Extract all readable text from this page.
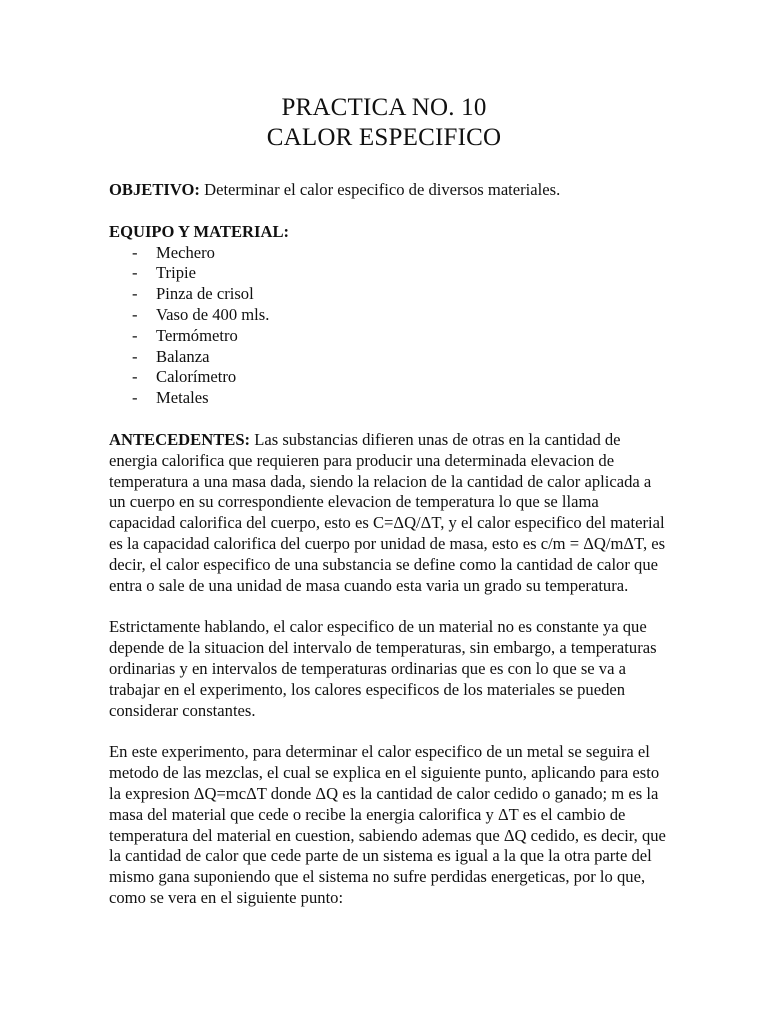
PRACTICA NO. 10
CALOR ESPECIFICO

OBJETIVO: Determinar el calor especifico de diversos materiales.

EQUIPO Y MATERIAL:
- Mechero
- Tripie
- Pinza de crisol
- Vaso de 400 mls.
- Termómetro
- Balanza
- Calorímetro
- Metales

ANTECEDENTES: Las substancias difieren unas de otras en la cantidad de energia calorifica que requieren para producir una determinada elevacion de temperatura a una masa dada, siendo la relacion de la cantidad de calor aplicada a un cuerpo en su correspondiente elevacion de temperatura lo que se llama capacidad calorifica del cuerpo, esto es C=ΔQ/ΔT, y el calor especifico del material es la capacidad calorifica del cuerpo por unidad de masa, esto es c/m = ΔQ/mΔT, es decir, el calor especifico de una substancia se define como la cantidad de calor que entra o sale de una unidad de masa cuando esta varia un grado su temperatura.

Estrictamente hablando, el calor especifico de un material no es constante ya que depende de la situacion del intervalo de temperaturas, sin embargo, a temperaturas ordinarias y en intervalos de temperaturas ordinarias que es con lo que se va a trabajar en el experimento, los calores especificos de los materiales se pueden considerar constantes.

En este experimento, para determinar el calor especifico de un metal se seguira el metodo de las mezclas, el cual se explica en el siguiente punto, aplicando para esto la expresion ΔQ=mcΔT donde ΔQ es la cantidad de calor cedido o ganado; m es la masa del material que cede o recibe la energia calorifica y ΔT es el cambio de temperatura del material en cuestion, sabiendo ademas que ΔQ cedido, es decir, que la cantidad de calor que cede parte de un sistema es igual a la que la otra parte del mismo gana suponiendo que el sistema no sufre perdidas energeticas, por lo que, como se vera en el siguiente punto:
